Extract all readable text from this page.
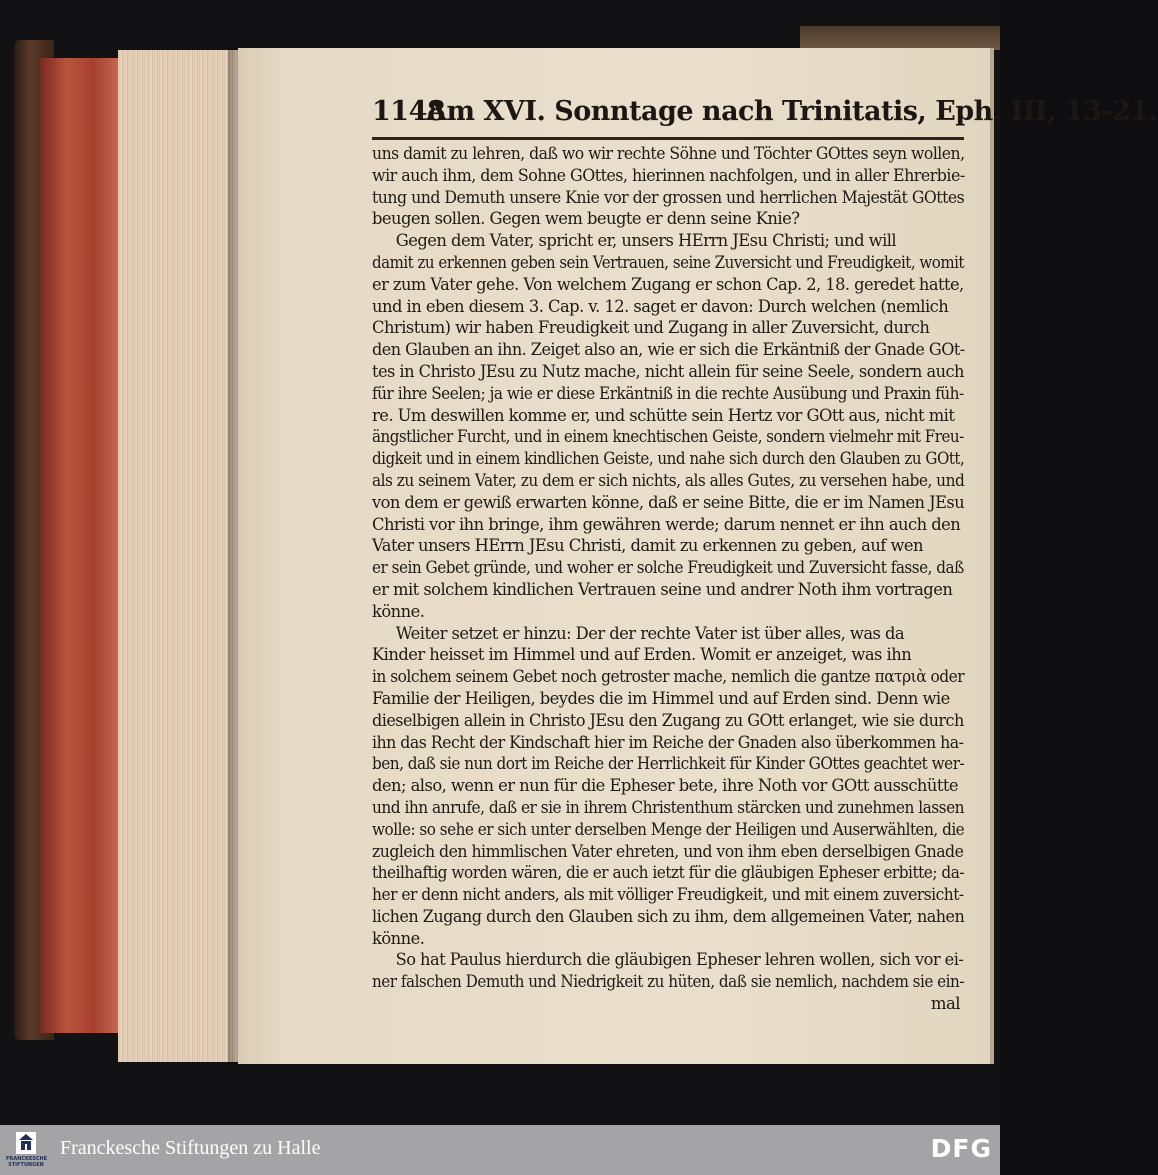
1148
Am XVI. Sonntage nach Trinitatis, Eph. III, 13-21.
uns damit zu lehren, daß wo wir rechte Söhne und Töchter GOttes seyn wollen,
wir auch ihm, dem Sohne GOttes, hierinnen nachfolgen, und in aller Ehrerbie-
tung und Demuth unsere Knie vor der grossen und herrlichen Majestät GOttes
beugen sollen. Gegen wem beugte er denn seine Knie?
Gegen dem Vater, spricht er, unsers HErrn JEsu Christi; und will
damit zu erkennen geben sein Vertrauen, seine Zuversicht und Freudigkeit, womit
er zum Vater gehe. Von welchem Zugang er schon Cap. 2, 18. geredet hatte,
und in eben diesem 3. Cap. v. 12. saget er davon: Durch welchen (nemlich
Christum) wir haben Freudigkeit und Zugang in aller Zuversicht, durch
den Glauben an ihn. Zeiget also an, wie er sich die Erkäntniß der Gnade GOt-
tes in Christo JEsu zu Nutz mache, nicht allein für seine Seele, sondern auch
für ihre Seelen; ja wie er diese Erkäntniß in die rechte Ausübung und Praxin füh-
re. Um deswillen komme er, und schütte sein Hertz vor GOtt aus, nicht mit
ängstlicher Furcht, und in einem knechtischen Geiste, sondern vielmehr mit Freu-
digkeit und in einem kindlichen Geiste, und nahe sich durch den Glauben zu GOtt,
als zu seinem Vater, zu dem er sich nichts, als alles Gutes, zu versehen habe, und
von dem er gewiß erwarten könne, daß er seine Bitte, die er im Namen JEsu
Christi vor ihn bringe, ihm gewähren werde; darum nennet er ihn auch den
Vater unsers HErrn JEsu Christi, damit zu erkennen zu geben, auf wen
er sein Gebet gründe, und woher er solche Freudigkeit und Zuversicht fasse, daß
er mit solchem kindlichen Vertrauen seine und andrer Noth ihm vortragen
könne.
Weiter setzet er hinzu: Der der rechte Vater ist über alles, was da
Kinder heisset im Himmel und auf Erden. Womit er anzeiget, was ihn
in solchem seinem Gebet noch getroster mache, nemlich die gantze πατριὰ oder
Familie der Heiligen, beydes die im Himmel und auf Erden sind. Denn wie
dieselbigen allein in Christo JEsu den Zugang zu GOtt erlanget, wie sie durch
ihn das Recht der Kindschaft hier im Reiche der Gnaden also überkommen ha-
ben, daß sie nun dort im Reiche der Herrlichkeit für Kinder GOttes geachtet wer-
den; also, wenn er nun für die Epheser bete, ihre Noth vor GOtt ausschütte
und ihn anrufe, daß er sie in ihrem Christenthum stärcken und zunehmen lassen
wolle: so sehe er sich unter derselben Menge der Heiligen und Auserwählten, die
zugleich den himmlischen Vater ehreten, und von ihm eben derselbigen Gnade
theilhaftig worden wären, die er auch ietzt für die gläubigen Epheser erbitte; da-
her er denn nicht anders, als mit völliger Freudigkeit, und mit einem zuversicht-
lichen Zugang durch den Glauben sich zu ihm, dem allgemeinen Vater, nahen
könne.
So hat Paulus hierdurch die gläubigen Epheser lehren wollen, sich vor ei-
ner falschen Demuth und Niedrigkeit zu hüten, daß sie nemlich, nachdem sie ein-
mal
FRANCKESCHE
STIFTUNGEN
Franckesche Stiftungen zu Halle	DFG
